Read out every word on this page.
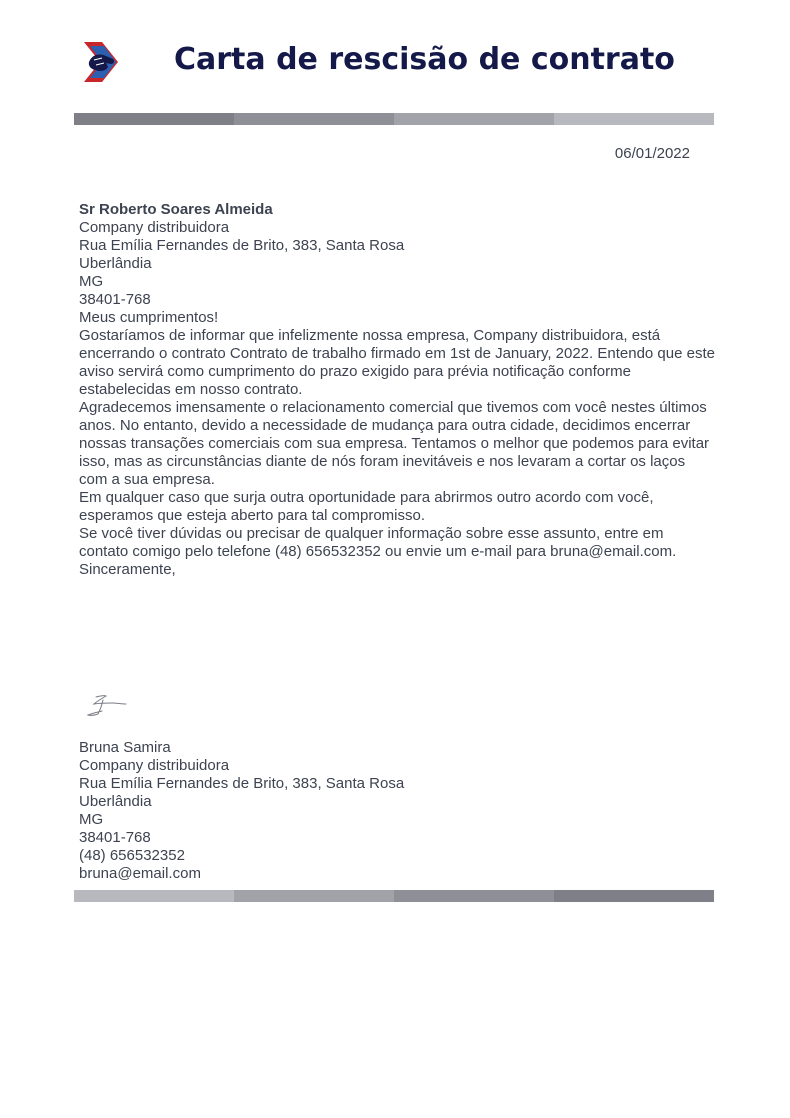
Carta de rescisão de contrato
06/01/2022

Sr Roberto Soares Almeida

Company distribuidora

Rua Emília Fernandes de Brito, 383, Santa Rosa

Uberlândia

MG

38401-768

Meus cumprimentos!

Gostaríamos de informar que infelizmente nossa empresa, Company distribuidora, está encerrando o contrato Contrato de trabalho firmado em 1st de January, 2022. Entendo que este aviso servirá como cumprimento do prazo exigido para prévia notificação conforme estabelecidas em nosso contrato.

Agradecemos imensamente o relacionamento comercial que tivemos com você nestes últimos anos. No entanto, devido a necessidade de mudança para outra cidade, decidimos encerrar nossas transações comerciais com sua empresa. Tentamos o melhor que podemos para evitar isso, mas as circunstâncias diante de nós foram inevitáveis e nos levaram a cortar os laços com a sua empresa.

Em qualquer caso que surja outra oportunidade para abrirmos outro acordo com você, esperamos que esteja aberto para tal compromisso.

Se você tiver dúvidas ou precisar de qualquer informação sobre esse assunto, entre em contato comigo pelo telefone (48) 656532352 ou envie um e-mail para bruna@email.com.

Sinceramente,

Bruna Samira

Company distribuidora

Rua Emília Fernandes de Brito, 383, Santa Rosa

Uberlândia

MG

38401-768

(48) 656532352

bruna@email.com
